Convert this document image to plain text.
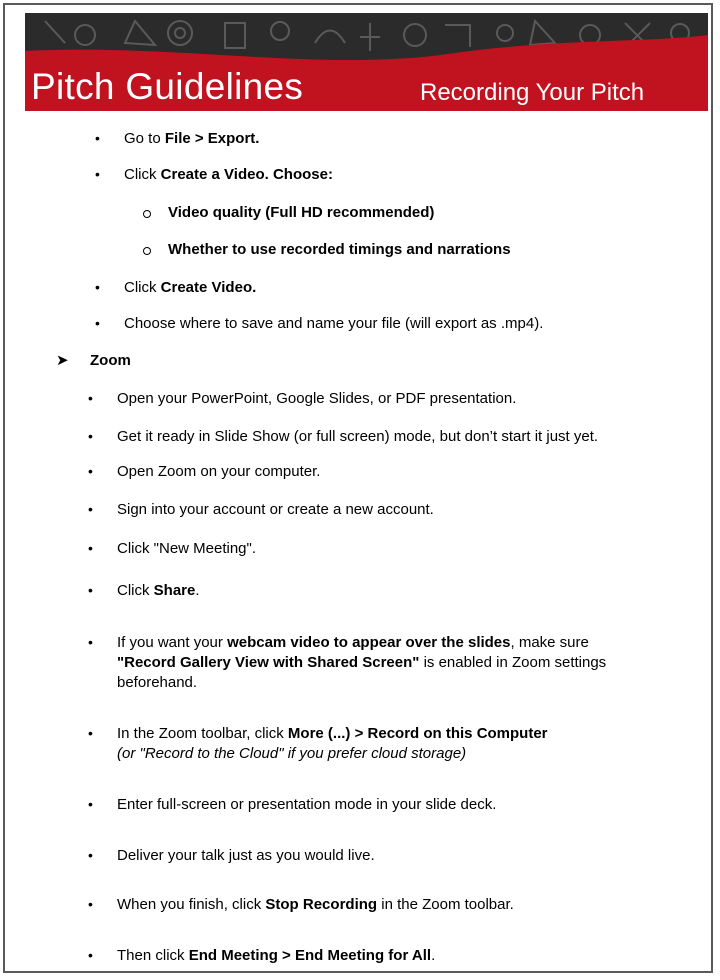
Pitch Guidelines	Recording Your Pitch
• Go to File > Export.
• Click Create a Video. Choose:
Video quality (Full HD recommended)
Whether to use recorded timings and narrations
• Click Create Video.
• Choose where to save and name your file (will export as .mp4).
➤ Zoom
• Open your PowerPoint, Google Slides, or PDF presentation.
• Get it ready in Slide Show (or full screen) mode, but don’t start it just yet.
• Open Zoom on your computer.
• Sign into your account or create a new account.
• Click "New Meeting".
• Click Share.
• If you want your webcam video to appear over the slides, make sure
"Record Gallery View with Shared Screen" is enabled in Zoom settings
beforehand.
• In the Zoom toolbar, click More (...) > Record on this Computer
(or "Record to the Cloud" if you prefer cloud storage)
• Enter full-screen or presentation mode in your slide deck.
• Deliver your talk just as you would live.
• When you finish, click Stop Recording in the Zoom toolbar.
• Then click End Meeting > End Meeting for All.
